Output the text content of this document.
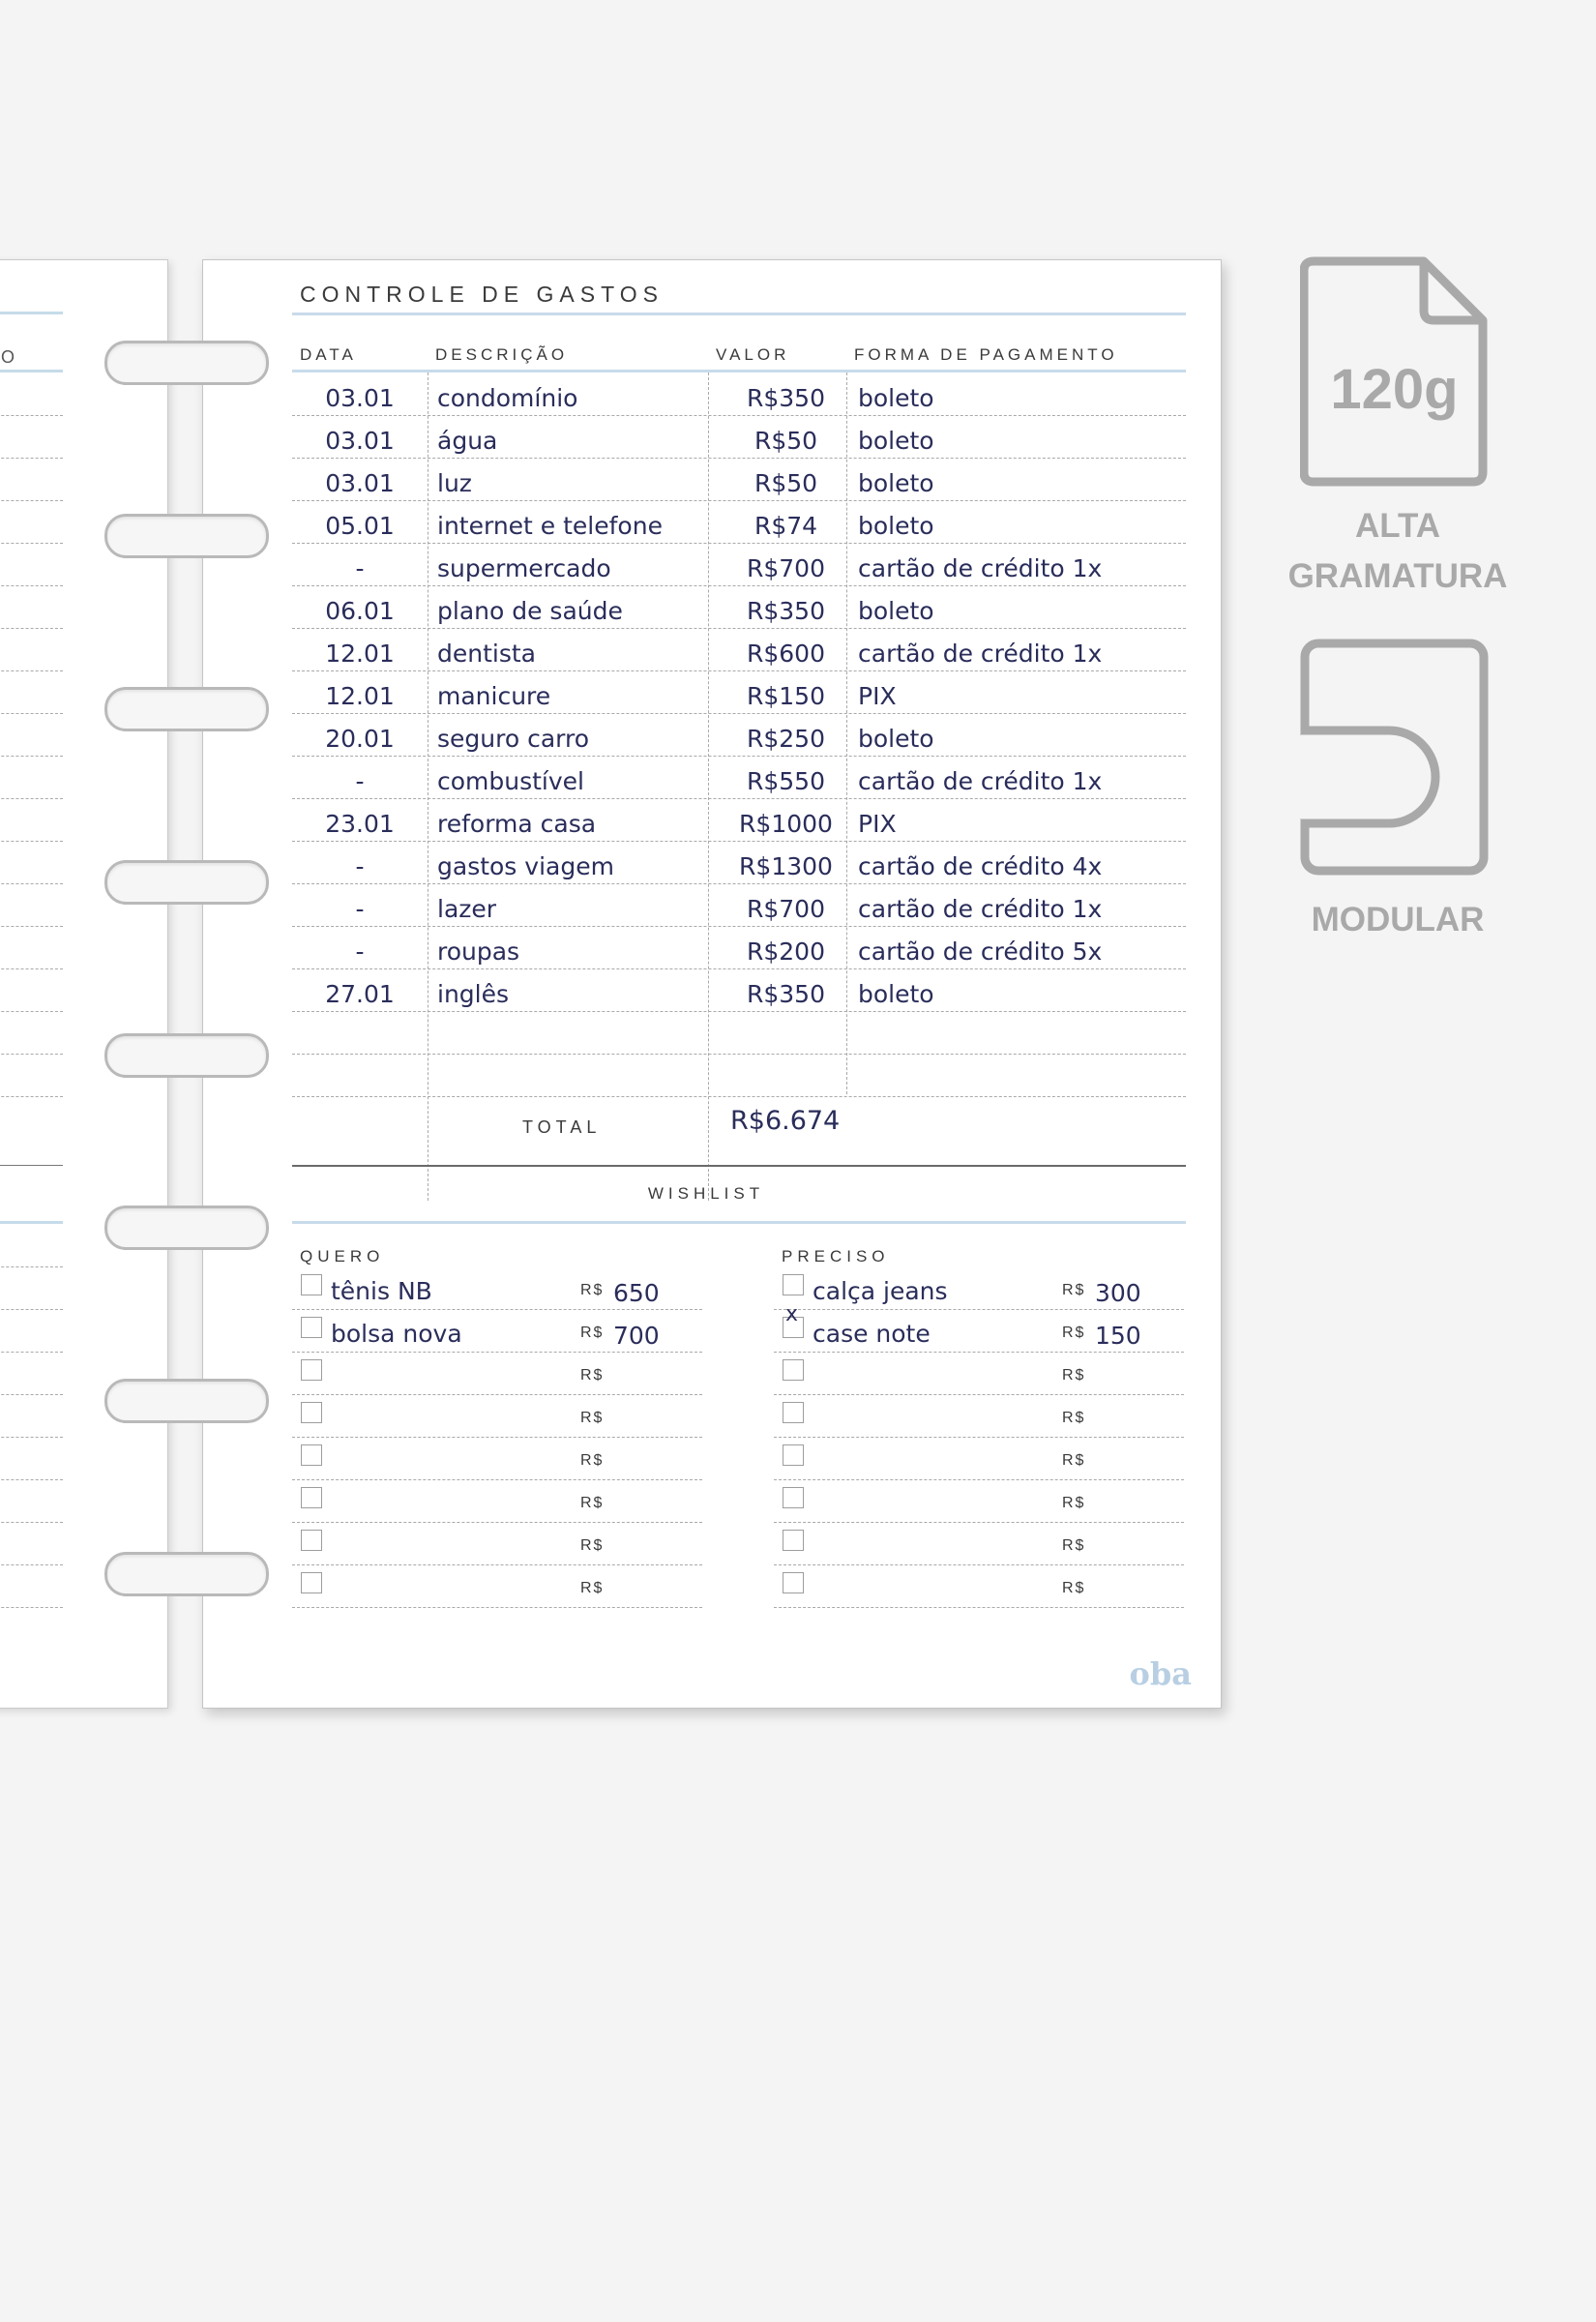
O
CONTROLE DE GASTOS
DATA	DESCRIÇÃO	VALOR	FORMA DE PAGAMENTO
03.01	condomínio	R$350	boleto
03.01	água	R$50	boleto
03.01	luz	R$50	boleto
05.01	internet e telefone	R$74	boleto
-	supermercado	R$700	cartão de crédito 1x
06.01	plano de saúde	R$350	boleto
12.01	dentista	R$600	cartão de crédito 1x
12.01	manicure	R$150	PIX
20.01	seguro carro	R$250	boleto
-	combustível	R$550	cartão de crédito 1x
23.01	reforma casa	R$1000	PIX
-	gastos viagem	R$1300	cartão de crédito 4x
-	lazer	R$700	cartão de crédito 1x
-	roupas	R$200	cartão de crédito 5x
27.01	inglês	R$350	boleto
TOTAL	R$6.674
WISHLIST
QUERO	PRECISO
tênis NB	R$ 650
bolsa nova	R$ 700
R$
R$
R$
R$
R$
R$
calça jeans	R$ 300
x
case note	R$ 150
R$
R$
R$
R$
R$
R$
oba
120g
ALTA
GRAMATURA
MODULAR
